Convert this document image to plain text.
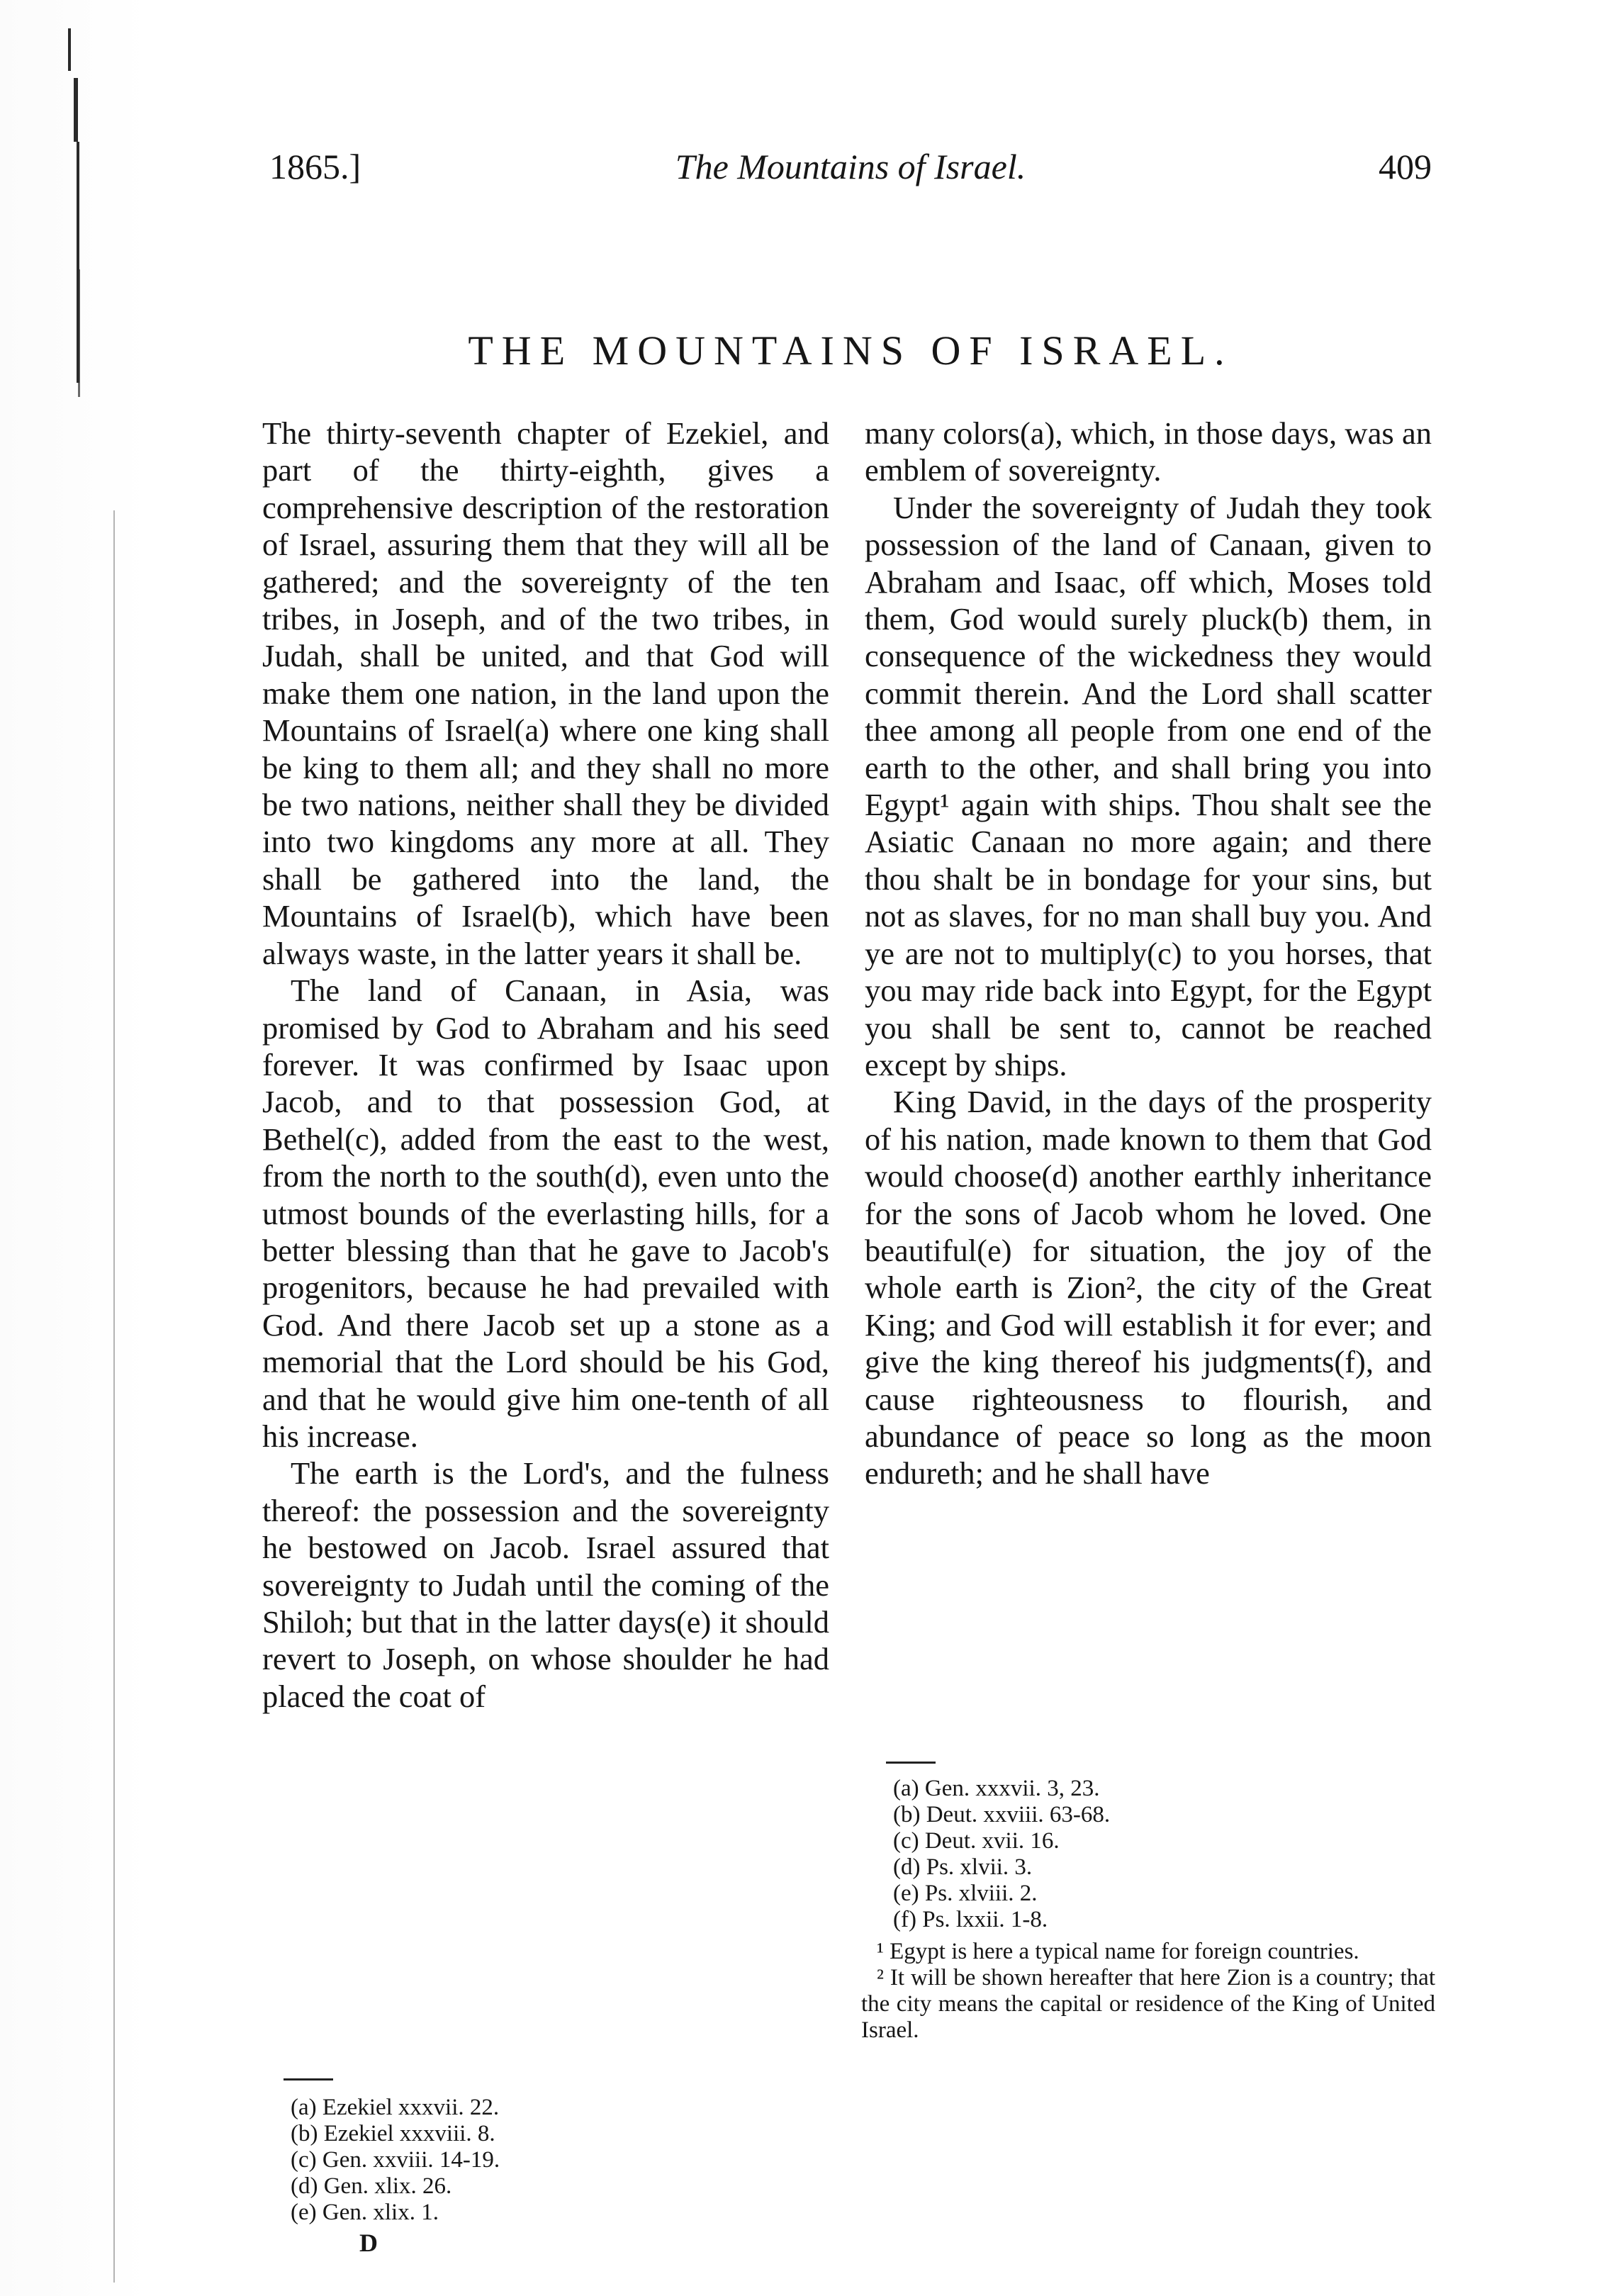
1865.]	The Mountains of Israel.	409
THE MOUNTAINS OF ISRAEL.

The thirty-seventh chapter of Ezekiel, and part of the thirty-eighth, gives a comprehensive description of the restoration of Israel, assuring them that they will all be gathered; and the sovereignty of the ten tribes, in Joseph, and of the two tribes, in Judah, shall be united, and that God will make them one nation, in the land upon the Mountains of Israel(a) where one king shall be king to them all; and they shall no more be two nations, neither shall they be divided into two kingdoms any more at all. They shall be gathered into the land, the Mountains of Israel(b), which have been always waste, in the latter years it shall be.

The land of Canaan, in Asia, was promised by God to Abraham and his seed forever. It was confirmed by Isaac upon Jacob, and to that possession God, at Bethel(c), added from the east to the west, from the north to the south(d), even unto the utmost bounds of the everlasting hills, for a better blessing than that he gave to Jacob's progenitors, because he had prevailed with God. And there Jacob set up a stone as a memorial that the Lord should be his God, and that he would give him one-tenth of all his increase.

The earth is the Lord's, and the fulness thereof: the possession and the sovereignty he bestowed on Jacob. Israel assured that sovereignty to Judah until the coming of the Shiloh; but that in the latter days(e) it should revert to Joseph, on whose shoulder he had placed the coat of

many colors(a), which, in those days, was an emblem of sovereignty.

Under the sovereignty of Judah they took possession of the land of Canaan, given to Abraham and Isaac, off which, Moses told them, God would surely pluck(b) them, in consequence of the wickedness they would commit therein. And the Lord shall scatter thee among all people from one end of the earth to the other, and shall bring you into Egypt¹ again with ships. Thou shalt see the Asiatic Canaan no more again; and there thou shalt be in bondage for your sins, but not as slaves, for no man shall buy you. And ye are not to multiply(c) to you horses, that you may ride back into Egypt, for the Egypt you shall be sent to, cannot be reached except by ships.

King David, in the days of the prosperity of his nation, made known to them that God would choose(d) another earthly inheritance for the sons of Jacob whom he loved. One beautiful(e) for situation, the joy of the whole earth is Zion², the city of the Great King; and God will establish it for ever; and give the king thereof his judgments(f), and cause righteousness to flourish, and abundance of peace so long as the moon endureth; and he shall have

(a) Ezekiel xxxvii. 22.
(b) Ezekiel xxxviii. 8.
(c) Gen. xxviii. 14-19.
(d) Gen. xlix. 26.
(e) Gen. xlix. 1.
D
(a) Gen. xxxvii. 3, 23.
(b) Deut. xxviii. 63-68.
(c) Deut. xvii. 16.
(d) Ps. xlvii. 3.
(e) Ps. xlviii. 2.
(f) Ps. lxxii. 1-8.
¹ Egypt is here a typical name for foreign countries.
² It will be shown hereafter that here Zion is a country; that the city means the capital or residence of the King of United Israel.
